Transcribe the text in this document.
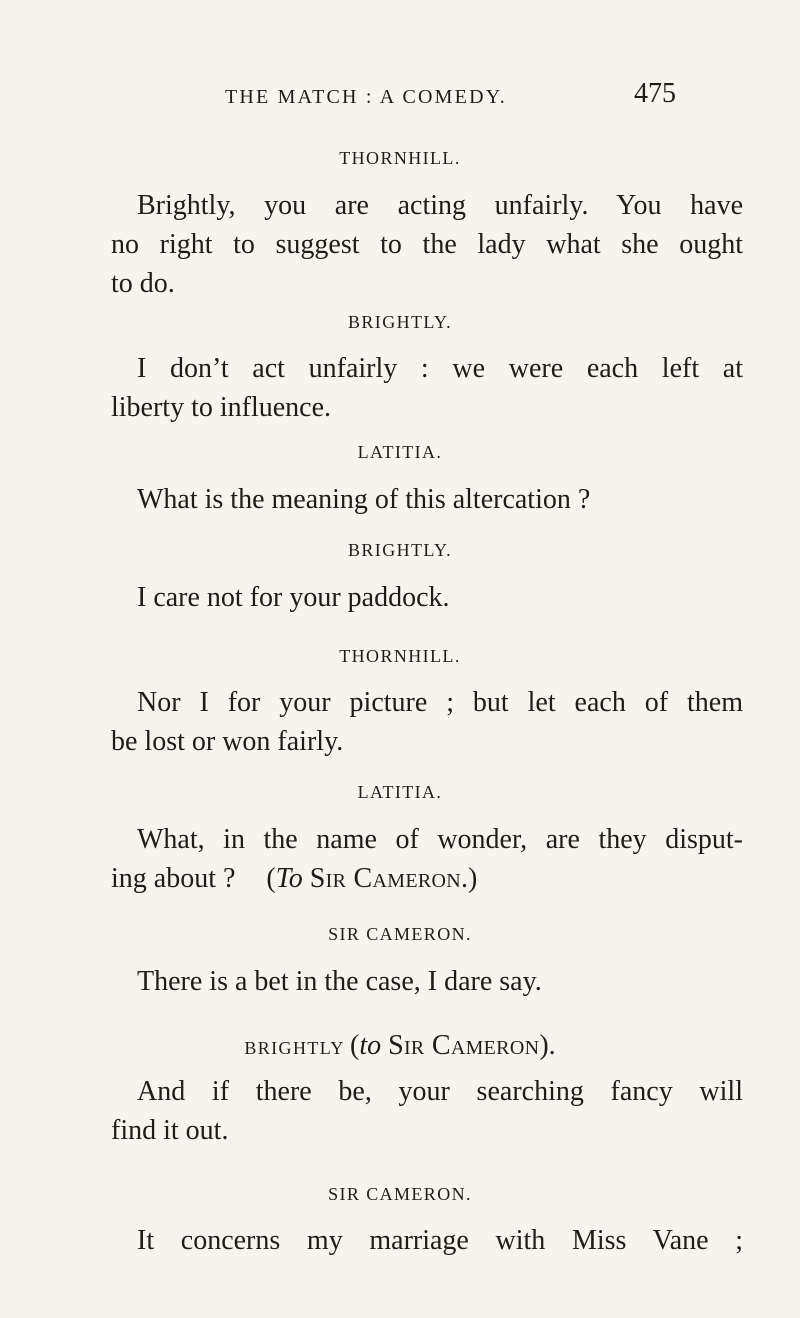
THE MATCH : A COMEDY.	475
THORNHILL.
Brightly, you are acting unfairly. You have
no right to suggest to the lady what she ought
to do.
BRIGHTLY.
I don’t act unfairly : we were each left at
liberty to influence.
LATITIA.
What is the meaning of this altercation ?
BRIGHTLY.
I care not for your paddock.
THORNHILL.
Nor I for your picture ; but let each of them
be lost or won fairly.
LATITIA.
What, in the name of wonder, are they disput-
ing about ? (To Sir Cameron.)
SIR CAMERON.
There is a bet in the case, I dare say.
BRIGHTLY (to Sir Cameron).
And if there be, your searching fancy will
find it out.
SIR CAMERON.
It concerns my marriage with Miss Vane ;
